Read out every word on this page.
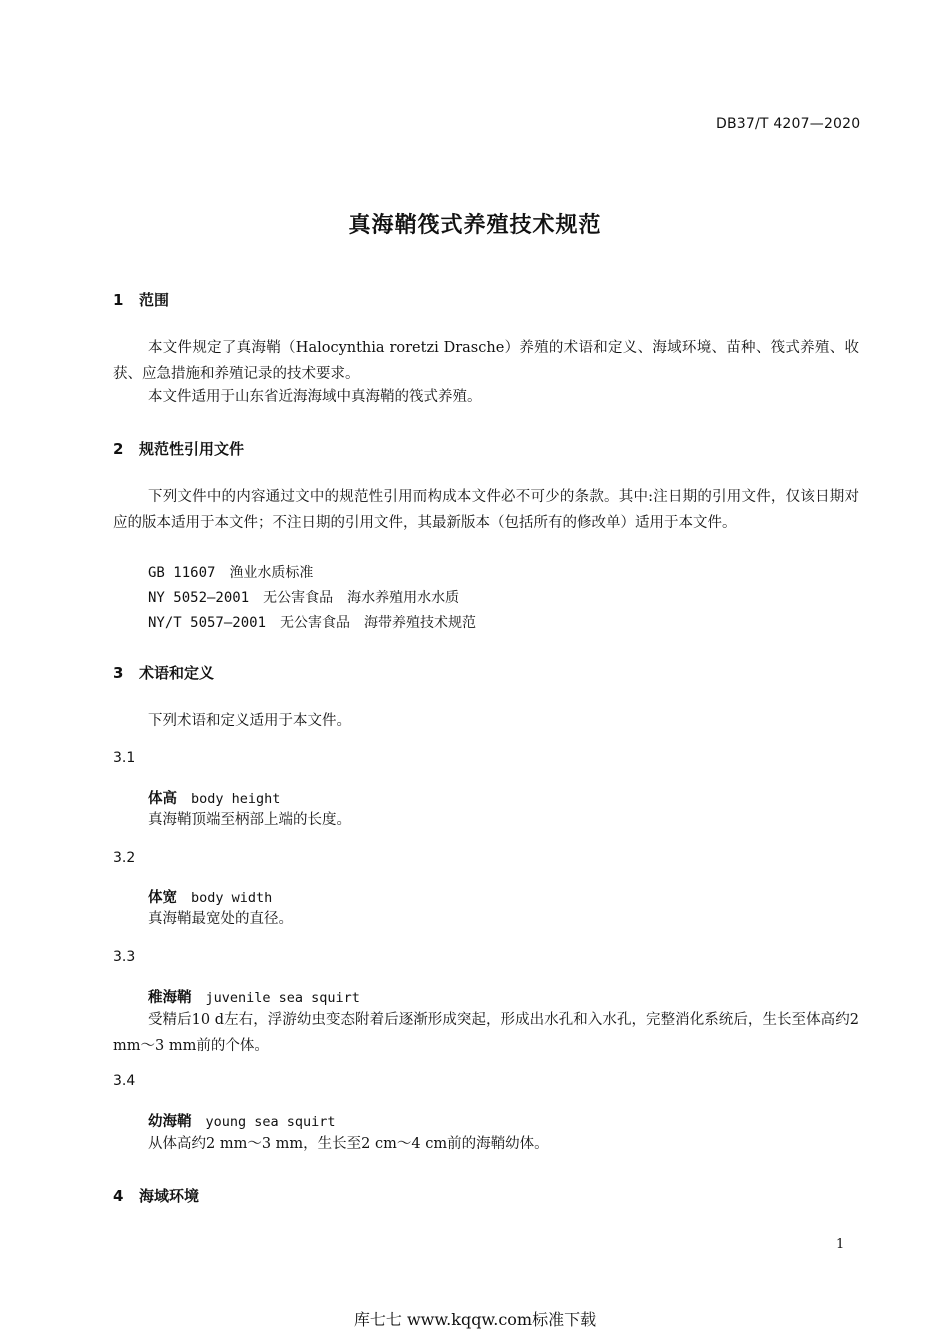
DB37/T 4207—2020
真海鞘筏式养殖技术规范
1 范围
本文件规定了真海鞘（Halocynthia roretzi Drasche）养殖的术语和定义、海域环境、苗种、筏式养殖、收获、应急措施和养殖记录的技术要求。
本文件适用于山东省近海海域中真海鞘的筏式养殖。
2 规范性引用文件
下列文件中的内容通过文中的规范性引用而构成本文件必不可少的条款。其中:注日期的引用文件，仅该日期对应的版本适用于本文件；不注日期的引用文件，其最新版本（包括所有的修改单）适用于本文件。
GB 11607 渔业水质标准
NY 5052—2001 无公害食品　海水养殖用水水质
NY/T 5057—2001 无公害食品　海带养殖技术规范
3 术语和定义
下列术语和定义适用于本文件。
3.1
体高 body height
真海鞘顶端至柄部上端的长度。
3.2
体宽 body width
真海鞘最宽处的直径。
3.3
稚海鞘 juvenile sea squirt
受精后10 d左右，浮游幼虫变态附着后逐渐形成突起，形成出水孔和入水孔，完整消化系统后，生长至体高约2 mm～3 mm前的个体。
3.4
幼海鞘 young sea squirt
从体高约2 mm～3 mm，生长至2 cm～4 cm前的海鞘幼体。
4 海域环境
1
库七七 www.kqqw.com标准下载
